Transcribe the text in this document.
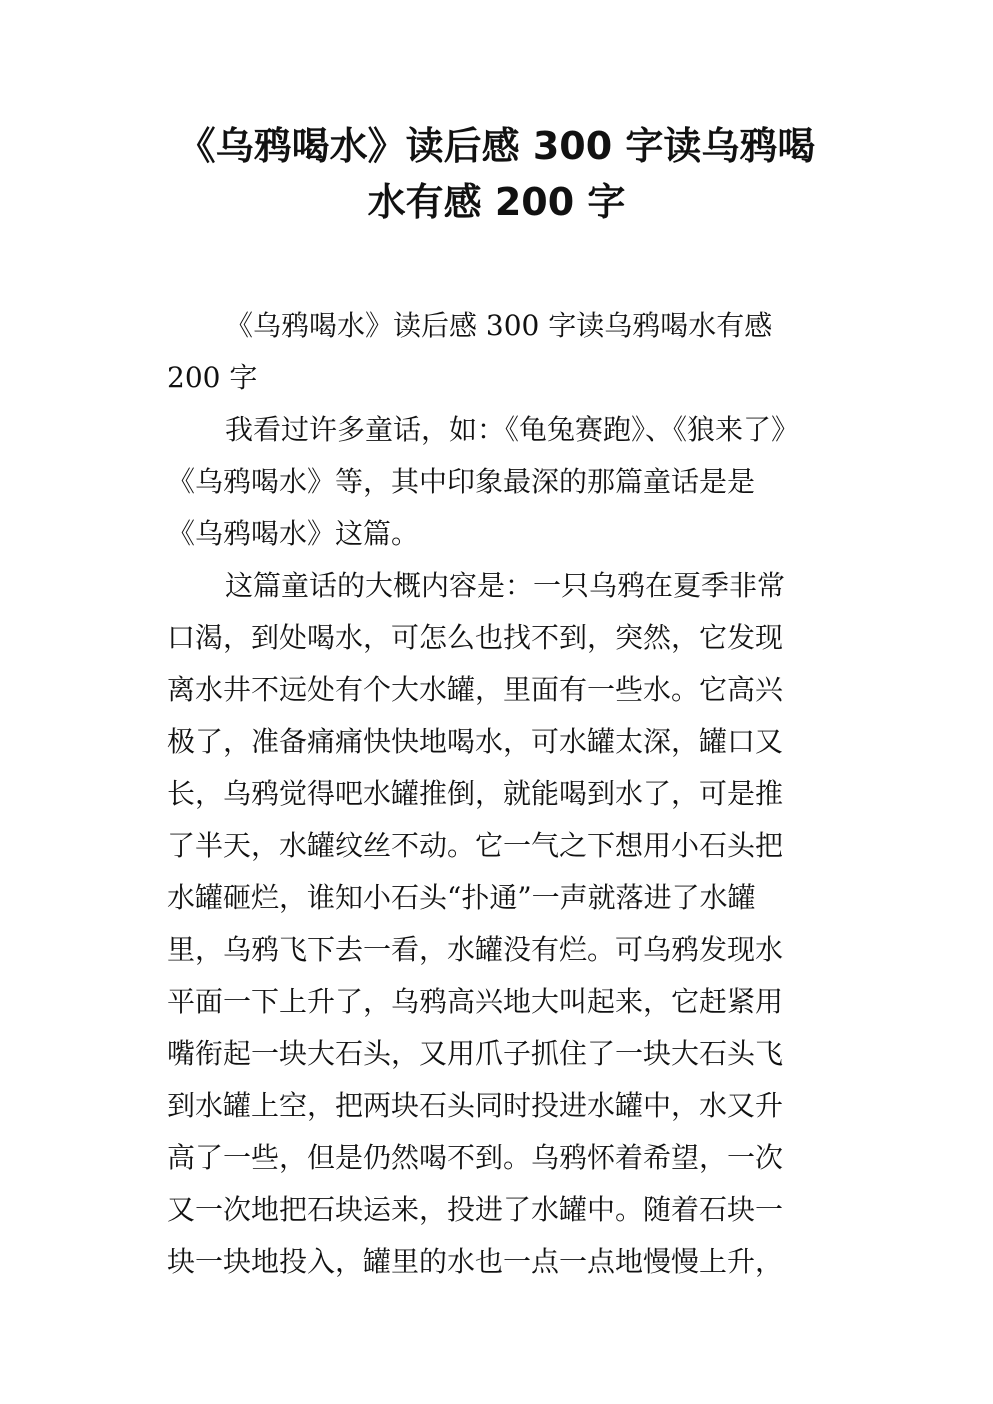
《乌鸦喝水》读后感 300 字读乌鸦喝
水有感 200 字
《乌鸦喝水》读后感 300 字读乌鸦喝水有感
200 字
我看过许多童话，如：《龟兔赛跑》、《狼来了》
《乌鸦喝水》等，其中印象最深的那篇童话是是
《乌鸦喝水》这篇。
这篇童话的大概内容是：一只乌鸦在夏季非常
口渴，到处喝水，可怎么也找不到，突然，它发现
离水井不远处有个大水罐，里面有一些水。它高兴
极了，准备痛痛快快地喝水，可水罐太深，罐口又
长，乌鸦觉得吧水罐推倒，就能喝到水了，可是推
了半天，水罐纹丝不动。它一气之下想用小石头把
水罐砸烂，谁知小石头“扑通”一声就落进了水罐
里，乌鸦飞下去一看，水罐没有烂。可乌鸦发现水
平面一下上升了，乌鸦高兴地大叫起来，它赶紧用
嘴衔起一块大石头，又用爪子抓住了一块大石头飞
到水罐上空，把两块石头同时投进水罐中，水又升
高了一些，但是仍然喝不到。乌鸦怀着希望，一次
又一次地把石块运来，投进了水罐中。随着石块一
块一块地投入，罐里的水也一点一点地慢慢上升，
